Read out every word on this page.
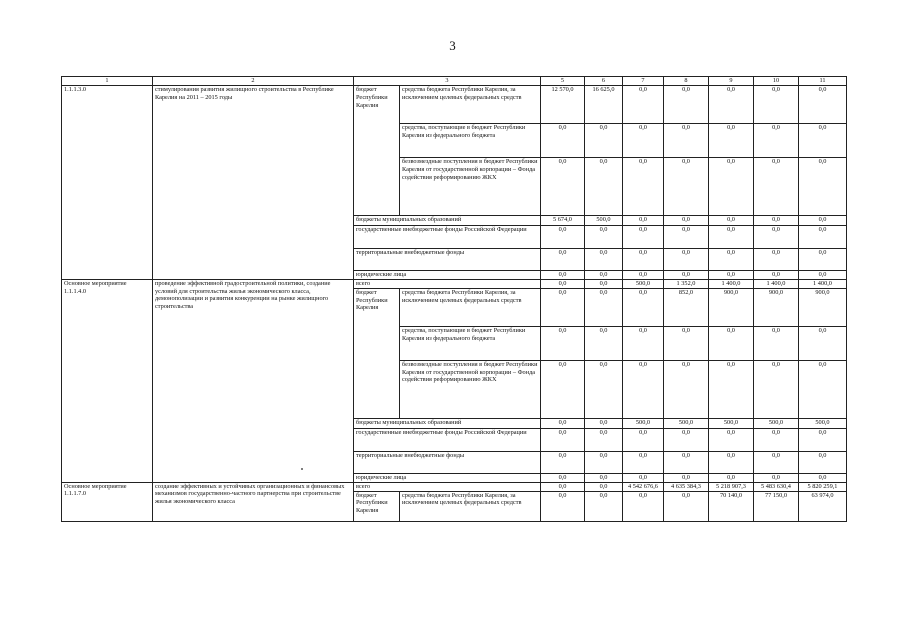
3
1	2	3		5	6	7	8	9	10	11
1.1.1.3.0	стимулирования развития жилищного строительства в Республике Карелия на 2011 – 2015 годы	бюджет Республики Карелия	средства бюджета Республики Карелия, за исключением целевых федеральных средств	12 570,0	16 625,0	0,0	0,0	0,0	0,0	0,0
			средства, поступающие в бюджет Республики Карелия из федерального бюджета	0,0	0,0	0,0	0,0	0,0	0,0	0,0
			безвозмездные поступления в бюджет Республики Карелия от государственной корпорации – Фонда содействия реформированию ЖКХ	0,0	0,0	0,0	0,0	0,0	0,0	0,0
		бюджеты муниципальных образований		5 674,0	500,0	0,0	0,0	0,0	0,0	0,0
		государственные внебюджетные фонды Российской Федерации		0,0	0,0	0,0	0,0	0,0	0,0	0,0
		территориальные внебюджетные фонды		0,0	0,0	0,0	0,0	0,0	0,0	0,0
		юридические лица		0,0	0,0	0,0	0,0	0,0	0,0	0,0
Основное мероприятие 1.1.1.4.0	проведение эффективной градостроительной политики, создание условий для строительства жилья экономического класса, демонополизации и развития конкуренции на рынке жилищного строительства	всего		0,0	0,0	500,0	1 352,0	1 400,0	1 400,0	1 400,0
		бюджет Республики Карелия	средства бюджета Республики Карелия, за исключением целевых федеральных средств	0,0	0,0	0,0	852,0	900,0	900,0	900,0
			средства, поступающие в бюджет Республики Карелия из федерального бюджета	0,0	0,0	0,0	0,0	0,0	0,0	0,0
			безвозмездные поступления в бюджет Республики Карелия от государственной корпорации – Фонда содействия реформированию ЖКХ	0,0	0,0	0,0	0,0	0,0	0,0	0,0
		бюджеты муниципальных образований		0,0	0,0	500,0	500,0	500,0	500,0	500,0
		государственные внебюджетные фонды Российской Федерации		0,0	0,0	0,0	0,0	0,0	0,0	0,0
		территориальные внебюджетные фонды		0,0	0,0	0,0	0,0	0,0	0,0	0,0
		юридические лица		0,0	0,0	0,0	0,0	0,0	0,0	0,0
Основное мероприятие 1.1.1.7.0	создание эффективных и устойчивых организационных и финансовых механизмов государственно-частного партнерства при строительстве жилья экономического класса	всего		0,0	0,0	4 542 676,6	4 635 384,3	5 218 907,3	5 483 630,4	5 820 259,1
		бюджет Республики Карелия	средства бюджета Республики Карелия, за исключением целевых федеральных средств	0,0	0,0	0,0	0,0	70 140,0	77 150,0	63 974,0
